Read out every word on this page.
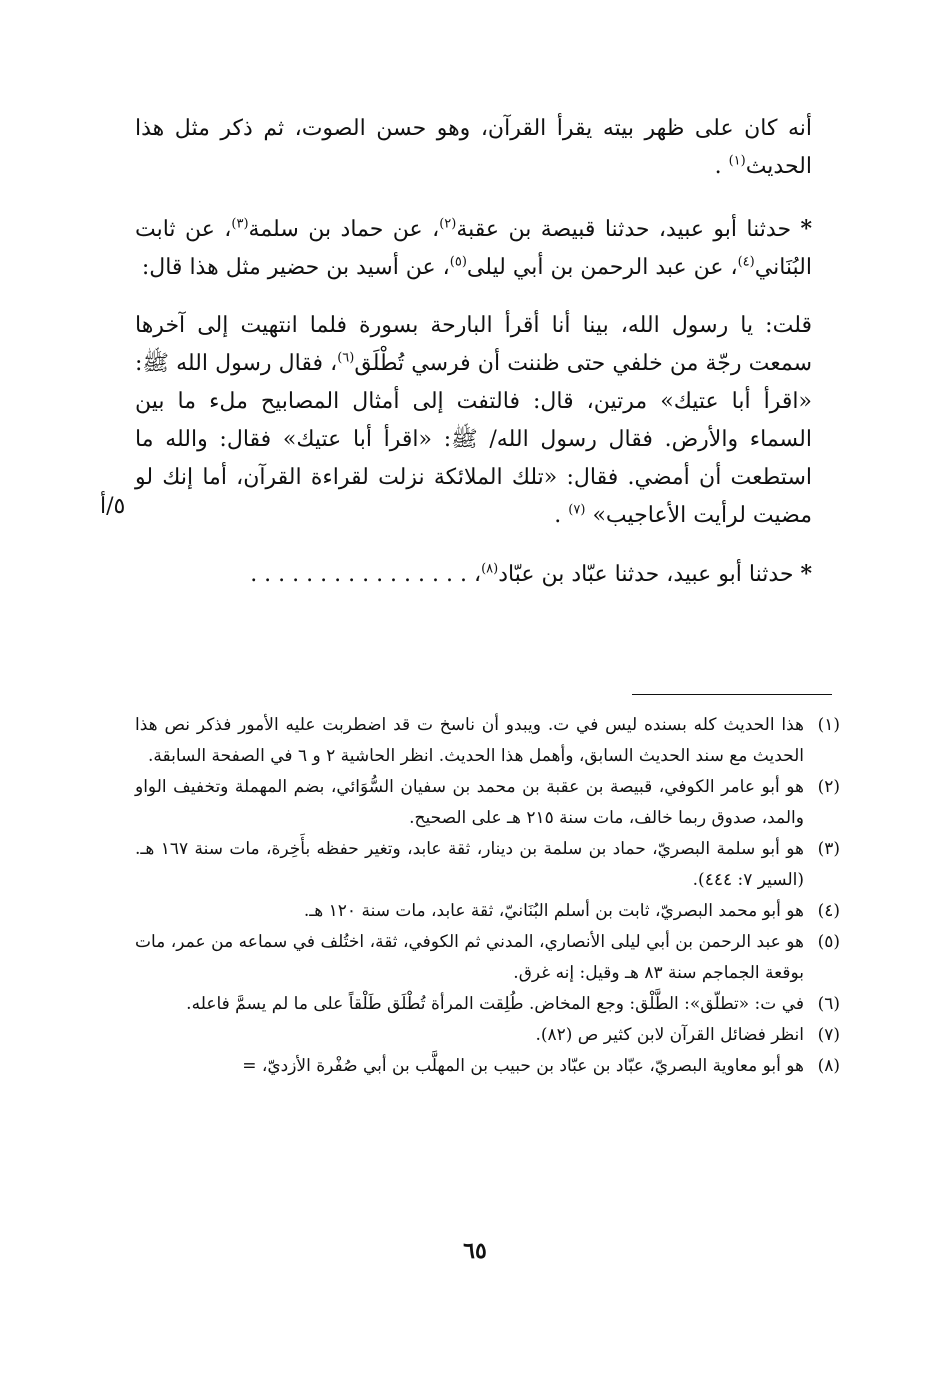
أنه كان على ظهر بيته يقرأ القرآن، وهو حسن الصوت، ثم ذكر مثل هذا الحديث$^{(١)}$ .

* حدثنا أبو عبيد، حدثنا قبيصة بن عقبة$^{(٢)}$، عن حماد بن سلمة$^{(٣)}$، عن ثابت البُنَاني$^{(٤)}$، عن عبد الرحمن بن أبي ليلى$^{(٥)}$، عن أسيد بن حضير مثل هذا قال:

قلت: يا رسول الله، بينا أنا أقرأ البارحة بسورة فلما انتهيت إلى آخرها سمعت رجّة من خلفي حتى ظننت أن فرسي تُطْلَق$^{(٦)}$، فقال رسول الله ﷺ: «اقرأ أبا عتيك» مرتين، قال: فالتفت إلى أمثال المصابيح ملء ما بين السماء والأرض. فقال رسول الله/ ﷺ: «اقرأ أبا عتيك» فقال: والله ما استطعت أن أمضي. فقال: «تلك الملائكة نزلت لقراءة القرآن، أما إنك لو مضيت لرأيت الأعاجيب» $^{(٧)}$ .

* حدثنا أبو عبيد، حدثنا عبّاد بن عبّاد$^{(٨)}$، . . . . . . . . . . . . . . . .

٥/أ
(١)
هذا الحديث كله بسنده ليس في ت. ويبدو أن ناسخ ت قد اضطربت عليه الأمور فذكر نص هذا الحديث مع سند الحديث السابق، وأهمل هذا الحديث. انظر الحاشية ٢ و ٦ في الصفحة السابقة.
(٢)
هو أبو عامر الكوفي، قبيصة بن عقبة بن محمد بن سفيان السُّوَائي، بضم المهملة وتخفيف الواو والمد، صدوق ربما خالف، مات سنة ٢١٥ هـ على الصحيح.
(٣)
هو أبو سلمة البصريّ، حماد بن سلمة بن دينار، ثقة عابد، وتغير حفظه بأَخِرة، مات سنة ١٦٧ هـ. (السير ٧: ٤٤٤).
(٤)
هو أبو محمد البصريّ، ثابت بن أسلم البُنَانيّ، ثقة عابد، مات سنة ١٢٠ هـ.
(٥)
هو عبد الرحمن بن أبي ليلى الأنصاري، المدني ثم الكوفي، ثقة، اختُلف في سماعه من عمر، مات بوقعة الجماجم سنة ٨٣ هـ وقيل: إنه غرق.
(٦)
في ت: «تطلّق»: الطَّلْق: وجع المخاض. طُلِقت المرأة تُطْلَق طَلْقاً على ما لم يسمَّ فاعله.
(٧)
انظر فضائل القرآن لابن كثير ص (٨٢).
(٨)
هو أبو معاوية البصريّ، عبّاد بن عبّاد بن حبيب بن المهلَّب بن أبي صُفْرة الأزديّ، =
٦٥
